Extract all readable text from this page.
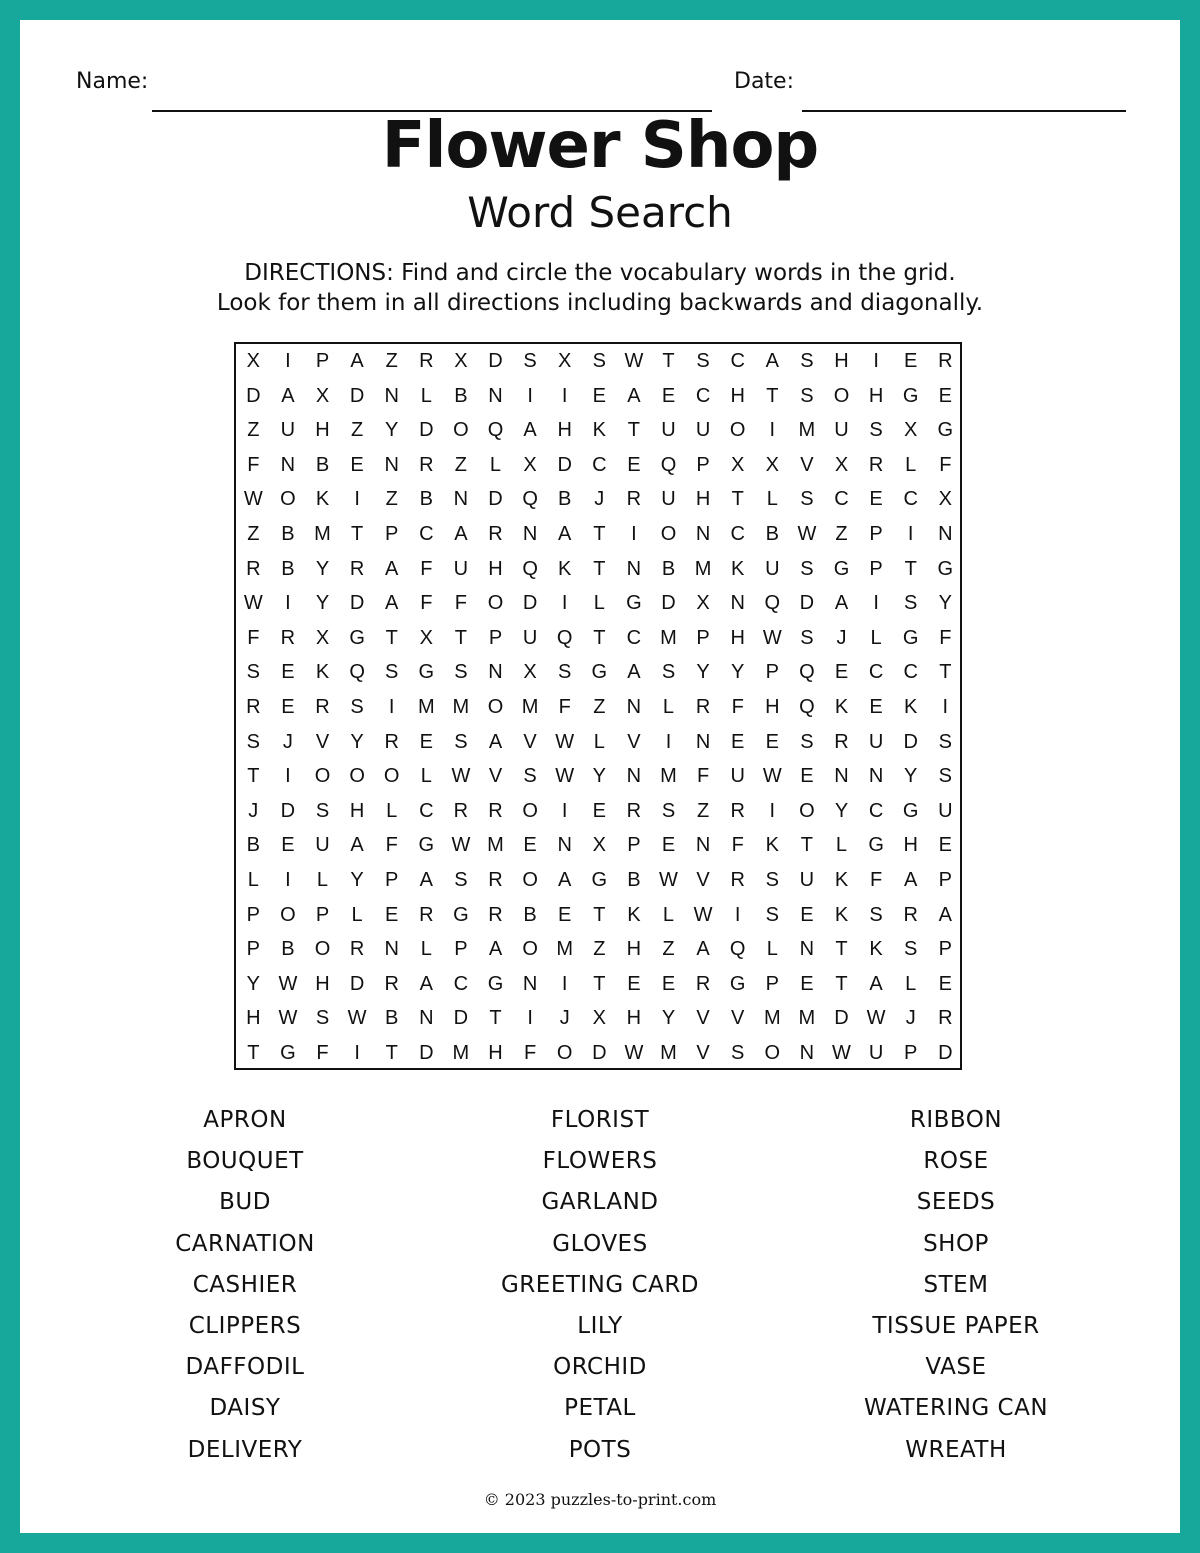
Name:	Date:
Flower Shop
Word Search
DIRECTIONS: Find and circle the vocabulary words in the grid.
Look for them in all directions including backwards and diagonally.
X	I	P	A	Z	R	X	D	S	X	S W T	S	C	A	S	H	I	E	R
D	A	X	D	N	L	B	N	I	I	E	A	E	C	H	T	S	O H G	E
Z	U	H	Z	Y	D O Q	A	H	K	T	U	U O	I	M U	S	X	G
F	N	B	E	N	R	Z	L	X	D	C	E	Q	P	X	X	V	X	R	L	F
W O	K	I	Z	B	N	D Q	B	J	R	U	H	T	L	S	C	E	C	X
Z	B M	T	P	C	A	R	N	A	T	I	O N	C	B W Z	P	I	N
R	B	Y	R	A	F	U	H Q	K	T	N	B M K	U	S	G	P	T	G
W	I	Y	D	A	F	F	O D	I	L	G D	X	N Q D	A	I	S	Y
F	R	X	G	T	X	T	P	U Q	T	C M P	H W S	J	L	G	F
S	E	K	Q	S	G	S	N	X	S	G	A	S	Y	Y	P	Q	E	C	C	T
R	E	R	S	I	M M O M	F	Z	N	L	R	F	H Q	K	E	K	I
S	J	V	Y	R	E	S	A	V W L	V	I	N	E	E	S	R	U	D	S
T	I	O O O	L W V	S W Y	N M	F	U W E	N	N	Y	S
J	D	S	H	L	C	R	R O	I	E	R	S	Z	R	I	O	Y	C G U
B	E	U	A	F	G W M E	N	X	P	E	N	F	K	T	L	G H	E
L	I	L	Y	P	A	S	R O	A	G	B W V	R	S	U	K	F	A	P
P	O	P	L	E	R G R	B	E	T	K	L W	I	S	E	K	S	R	A
P	B	O R	N	L	P	A	O M	Z	H	Z	A	Q	L	N	T	K	S	P
Y W H	D	R	A	C G N	I	T	E	E	R G	P	E	T	A	L	E
H W S W B	N	D	T	I	J	X	H	Y	V	V M M D W	J	R
T	G	F	I	T	D M H	F	O D W M V	S	O N W U	P	D
APRON
BOUQUET
BUD
CARNATION
CASHIER
CLIPPERS
DAFFODIL
DAISY
DELIVERY
FLORIST
FLOWERS
GARLAND
GLOVES
GREETING CARD
LILY
ORCHID
PETAL
POTS
RIBBON
ROSE
SEEDS
SHOP
STEM
TISSUE PAPER
VASE
WATERING CAN
WREATH
© 2023 puzzles-to-print.com
